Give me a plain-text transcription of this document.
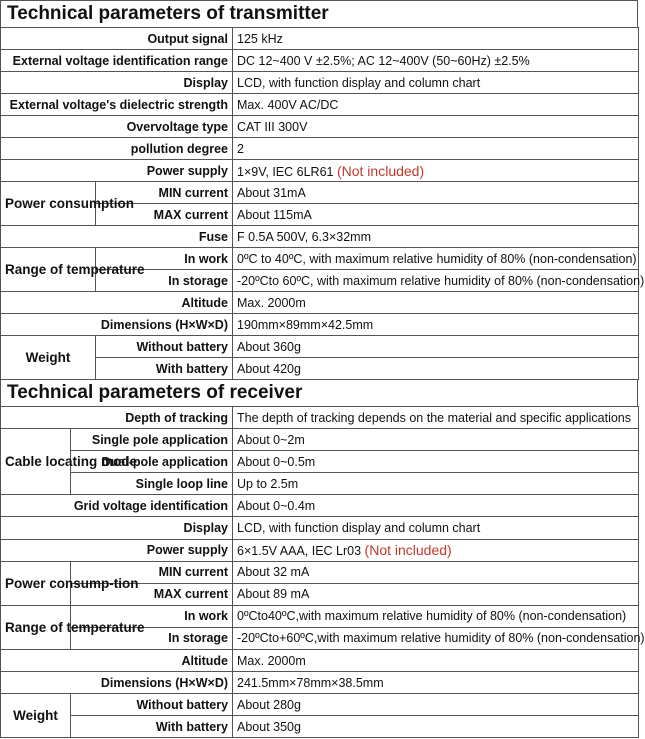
Technical parameters of transmitter
Output signal		125 kHz
External voltage identification range		DC 12~400 V ±2.5%; AC 12~400V (50~60Hz) ±2.5%
Display		LCD, with function display and column chart
External voltage's dielectric strength		Max. 400V AC/DC
Overvoltage type		CAT III 300V
pollution degree		2
Power supply		1×9V, IEC 6LR61 (Not included)
Power consumption	MIN current	About 31mA
	MAX current	About 115mA
Fuse		F 0.5A 500V, 6.3×32mm
Range of temperature	In work	0ºC to 40ºC, with maximum relative humidity of 80% (non-condensation)
	In storage	-20ºCto 60ºC, with maximum relative humidity of 80% (non-condensation)
Altitude		Max. 2000m
Dimensions (H×W×D)		190mm×89mm×42.5mm
Weight	Without battery	About 360g
	With battery	About 420g
Technical parameters of receiver
Depth of tracking		The depth of tracking depends on the material and specific applications
Cable locating mode	Single pole application	About 0~2m
	Dual-pole application	About 0~0.5m
	Single loop line	Up to 2.5m
Grid voltage identification		About 0~0.4m
Display		LCD, with function display and column chart
Power supply		6×1.5V AAA, IEC Lr03 (Not included)
Power consump-tion	MIN current	About 32 mA
	MAX current	About 89 mA
Range of temperature	In work	0ºCto40ºC,with maximum relative humidity of 80% (non-condensation)
	In storage	-20ºCto+60ºC,with maximum relative humidity of 80% (non-condensation)
Altitude		Max. 2000m
Dimensions (H×W×D)		241.5mm×78mm×38.5mm
Weight	Without battery	About 280g
	With battery	About 350g
